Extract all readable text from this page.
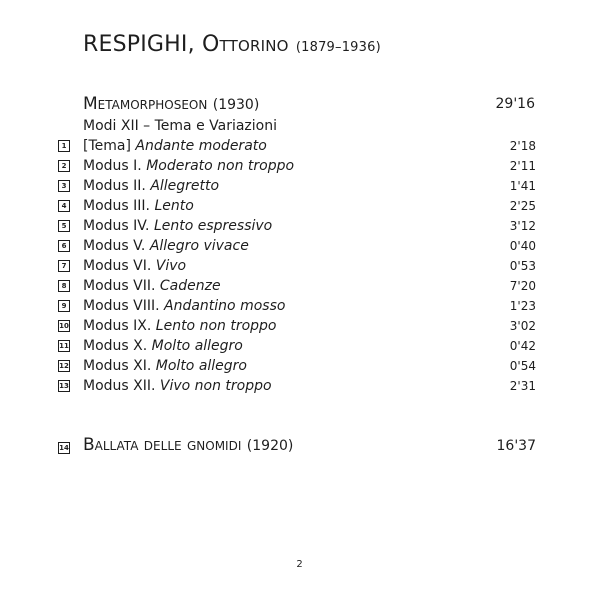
RESPIGHI, Ottorino (1879–1936)
Metamorphoseon (1930)	29'16
Modi XII – Tema e Variazioni
1 [Tema] Andante moderato	2'18
2 Modus I. Moderato non troppo	2'11
3 Modus II. Allegretto	1'41
4 Modus III. Lento	2'25
5 Modus IV. Lento espressivo	3'12
6 Modus V. Allegro vivace	0'40
7 Modus VI. Vivo	0'53
8 Modus VII. Cadenze	7'20
9 Modus VIII. Andantino mosso	1'23
10 Modus IX. Lento non troppo	3'02
11 Modus X. Molto allegro	0'42
12 Modus XI. Molto allegro	0'54
13 Modus XII. Vivo non troppo	2'31
14 Ballata delle gnomidi (1920)	16'37
2
